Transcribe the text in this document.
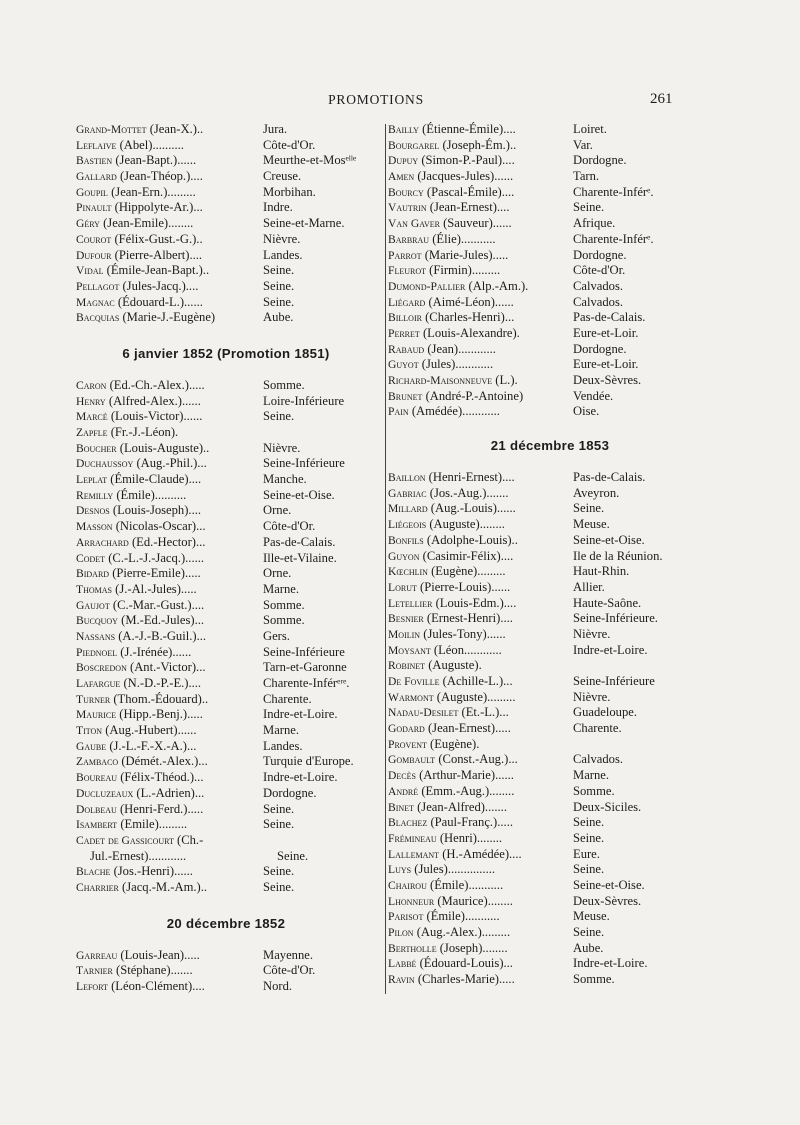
PROMOTIONS	261
Grand-Mottet (Jean-X.)..	Jura.
Leflaive (Abel)..........	Côte-d'Or.
Bastien (Jean-Bapt.)......	Meurthe-et-Mosᵉˡˡᵉ
Gallard (Jean-Théop.)....	Creuse.
Goupil (Jean-Ern.).........	Morbihan.
Pinault (Hippolyte-Ar.)...	Indre.
Géry (Jean-Emile)........	Seine-et-Marne.
Courot (Félix-Gust.-G.)..	Nièvre.
Dufour (Pierre-Albert)....	Landes.
Vidal (Émile-Jean-Bapt.)..	Seine.
Pellagot (Jules-Jacq.)....	Seine.
Magnac (Édouard-L.)......	Seine.
Bacquias (Marie-J.-Eugène)	Aube.
6 janvier 1852 (Promotion 1851)
Caron (Ed.-Ch.-Alex.).....	Somme.
Henry (Alfred-Alex.)......	Loire-Inférieure
Marcé (Louis-Victor)......	Seine.
Zapfle (Fr.-J.-Léon).
Boucher (Louis-Auguste)..	Nièvre.
Duchaussoy (Aug.-Phil.)...	Seine-Inférieure
Leplat (Émile-Claude)....	Manche.
Remilly (Émile)..........	Seine-et-Oise.
Desnos (Louis-Joseph)....	Orne.
Masson (Nicolas-Oscar)...	Côte-d'Or.
Arrachard (Ed.-Hector)...	Pas-de-Calais.
Codet (C.-L.-J.-Jacq.)......	Ille-et-Vilaine.
Bidard (Pierre-Emile).....	Orne.
Thomas (J.-Al.-Jules).....	Marne.
Gaujot (C.-Mar.-Gust.)....	Somme.
Bucquoy (M.-Ed.-Jules)...	Somme.
Nassans (A.-J.-B.-Guil.)...	Gers.
Piednoel (J.-Irénée)......	Seine-Inférieure
Boscredon (Ant.-Victor)...	Tarn-et-Garonne
Lafargue (N.-D.-P.-E.)....	Charente-Inférᵉʳᵉ.
Turner (Thom.-Édouard)..	Charente.
Maurice (Hipp.-Benj.).....	Indre-et-Loire.
Titon (Aug.-Hubert)......	Marne.
Gaube (J.-L.-F.-X.-A.)...	Landes.
Zambaco (Démét.-Alex.)...	Turquie d'Europe.
Boureau (Félix-Théod.)...	Indre-et-Loire.
Ducluzeaux (L.-Adrien)...	Dordogne.
Dolbeau (Henri-Ferd.).....	Seine.
Isambert (Emile).........	Seine.
Cadet de Gassicourt (Ch.-
Jul.-Ernest)............	Seine.
Blache (Jos.-Henri)......	Seine.
Charrier (Jacq.-M.-Am.)..	Seine.
20 décembre 1852
Garreau (Louis-Jean).....	Mayenne.
Tarnier (Stéphane).......	Côte-d'Or.
Lefort (Léon-Clément)....	Nord.
Bailly (Étienne-Émile)....	Loiret.
Bourgarel (Joseph-Ém.)..	Var.
Dupuy (Simon-P.-Paul)....	Dordogne.
Amen (Jacques-Jules)......	Tarn.
Bourcy (Pascal-Émile)....	Charente-Inférᵉ.
Vautrin (Jean-Ernest)....	Seine.
Van Gaver (Sauveur)......	Afrique.
Barbrau (Élie)...........	Charente-Inférᵉ.
Parrot (Marie-Jules).....	Dordogne.
Fleurot (Firmin).........	Côte-d'Or.
Dumond-Pallier (Alp.-Am.).	Calvados.
Liégard (Aimé-Léon)......	Calvados.
Billoir (Charles-Henri)...	Pas-de-Calais.
Perret (Louis-Alexandre).	Eure-et-Loir.
Rabaud (Jean)............	Dordogne.
Guyot (Jules)............	Eure-et-Loir.
Richard-Maisonneuve (L.).	Deux-Sèvres.
Brunet (André-P.-Antoine)	Vendée.
Pain (Amédée)............	Oise.
21 décembre 1853
Baillon (Henri-Ernest)....	Pas-de-Calais.
Gabriac (Jos.-Aug.).......	Aveyron.
Millard (Aug.-Louis)......	Seine.
Liégeois (Auguste)........	Meuse.
Bonfils (Adolphe-Louis)..	Seine-et-Oise.
Guyon (Casimir-Félix)....	Ile de la Réunion.
Kœchlin (Eugène).........	Haut-Rhin.
Lorut (Pierre-Louis)......	Allier.
Letellier (Louis-Edm.)....	Haute-Saône.
Besnier (Ernest-Henri)....	Seine-Inférieure.
Moilin (Jules-Tony)......	Nièvre.
Moysant (Léon............	Indre-et-Loire.
Robinet (Auguste).
De Foville (Achille-L.)...	Seine-Inférieure
Warmont (Auguste).........	Nièvre.
Nadau-Desilet (Et.-L.)...	Guadeloupe.
Godard (Jean-Ernest).....	Charente.
Provent (Eugène).
Gombault (Const.-Aug.)...	Calvados.
Decès (Arthur-Marie)......	Marne.
André (Emm.-Aug.)........	Somme.
Binet (Jean-Alfred).......	Deux-Siciles.
Blachez (Paul-Franç.).....	Seine.
Frémineau (Henri)........	Seine.
Lallemant (H.-Amédée)....	Eure.
Luys (Jules)...............	Seine.
Chairou (Émile)...........	Seine-et-Oise.
Lhonneur (Maurice)........	Deux-Sèvres.
Parisot (Émile)...........	Meuse.
Pilon (Aug.-Alex.).........	Seine.
Bertholle (Joseph)........	Aube.
Labbé (Édouard-Louis)...	Indre-et-Loire.
Ravin (Charles-Marie).....	Somme.
